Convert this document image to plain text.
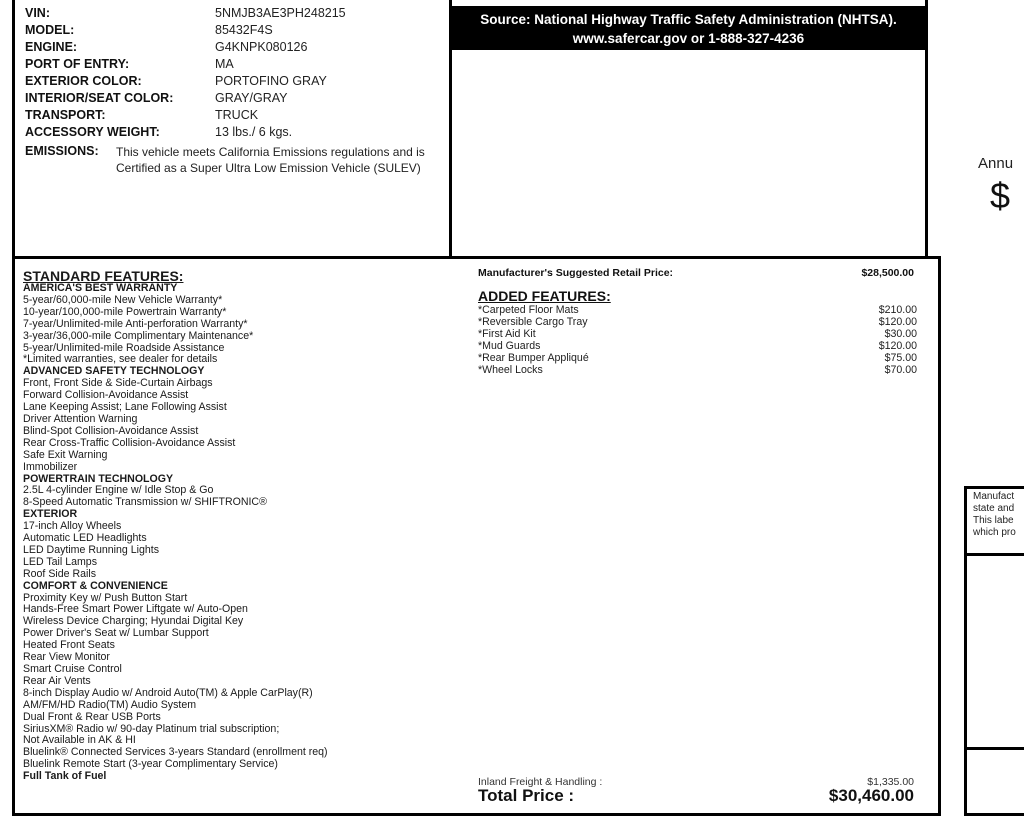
VIN:	5NMJB3AE3PH248215
MODEL:	85432F4S
ENGINE:	G4KNPK080126
PORT OF ENTRY:	MA
EXTERIOR COLOR:	PORTOFINO GRAY
INTERIOR/SEAT COLOR:	GRAY/GRAY
TRANSPORT:	TRUCK
ACCESSORY WEIGHT:	13 lbs./ 6 kgs.
EMISSIONS: This vehicle meets California Emissions regulations and is Certified as a Super Ultra Low Emission Vehicle (SULEV)
Source: National Highway Traffic Safety Administration (NHTSA).
www.safercar.gov or 1-888-327-4236
STANDARD FEATURES:
AMERICA'S BEST WARRANTY
5-year/60,000-mile New Vehicle Warranty*
10-year/100,000-mile Powertrain Warranty*
7-year/Unlimited-mile Anti-perforation Warranty*
3-year/36,000-mile Complimentary Maintenance*
5-year/Unlimited-mile Roadside Assistance
*Limited warranties, see dealer for details
ADVANCED SAFETY TECHNOLOGY
Front, Front Side & Side-Curtain Airbags
Forward Collision-Avoidance Assist
Lane Keeping Assist; Lane Following Assist
Driver Attention Warning
Blind-Spot Collision-Avoidance Assist
Rear Cross-Traffic Collision-Avoidance Assist
Safe Exit Warning
Immobilizer
POWERTRAIN TECHNOLOGY
2.5L 4-cylinder Engine w/ Idle Stop & Go
8-Speed Automatic Transmission w/ SHIFTRONIC®
EXTERIOR
17-inch Alloy Wheels
Automatic LED Headlights
LED Daytime Running Lights
LED Tail Lamps
Roof Side Rails
COMFORT & CONVENIENCE
Proximity Key w/ Push Button Start
Hands-Free Smart Power Liftgate w/ Auto-Open
Wireless Device Charging; Hyundai Digital Key
Power Driver's Seat w/ Lumbar Support
Heated Front Seats
Rear View Monitor
Smart Cruise Control
Rear Air Vents
8-inch Display Audio w/ Android Auto(TM) & Apple CarPlay(R)
AM/FM/HD Radio(TM) Audio System
Dual Front & Rear USB Ports
SiriusXM® Radio w/ 90-day Platinum trial subscription;
Not Available in AK & HI
Bluelink® Connected Services 3-years Standard (enrollment req)
Bluelink Remote Start (3-year Complimentary Service)
Full Tank of Fuel
Manufacturer's Suggested Retail Price:	$28,500.00
ADDED FEATURES:
*Carpeted Floor Mats	$210.00
*Reversible Cargo Tray	$120.00
*First Aid Kit	$30.00
*Mud Guards	$120.00
*Rear Bumper Appliqué	$75.00
*Wheel Locks	$70.00
Inland Freight & Handling :	$1,335.00
Total Price :	$30,460.00
Annu
$
Manufact
state and
This labe
which pro
